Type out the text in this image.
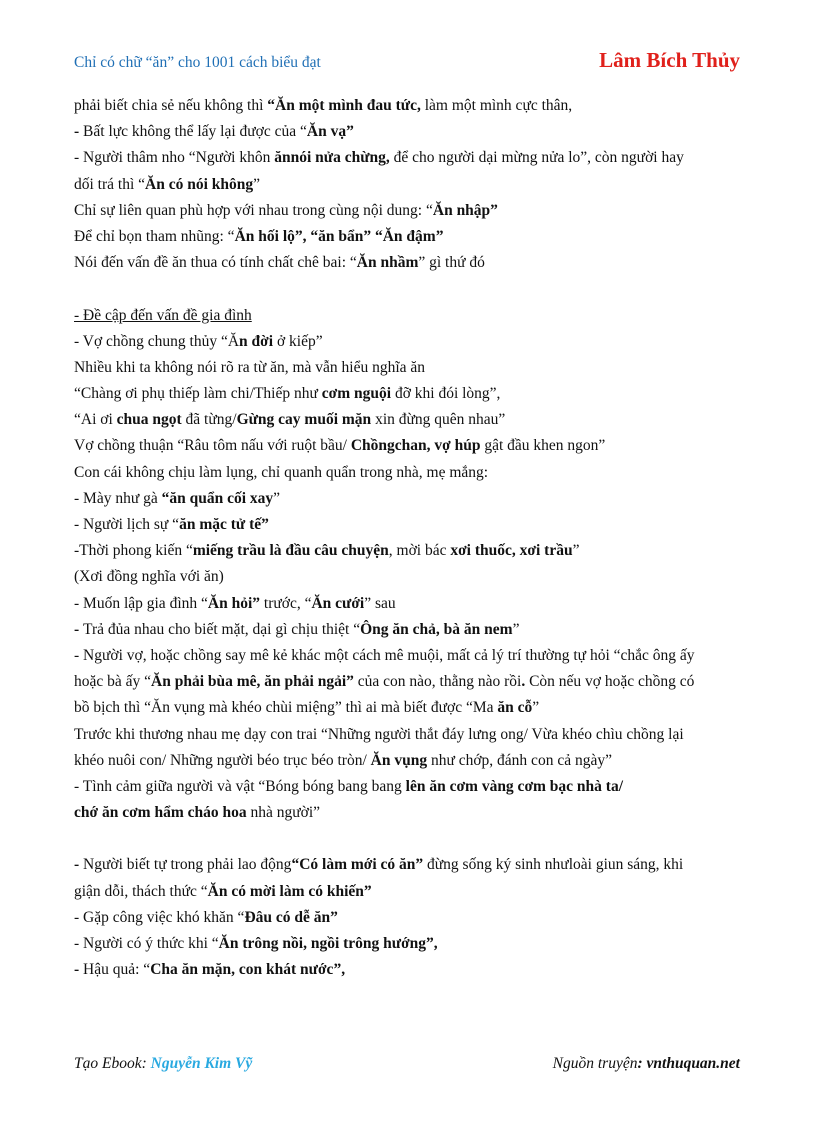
Chỉ có chữ “ăn” cho 1001 cách biểu đạt	Lâm Bích Thủy
phải biết chia sẻ nếu không thì “Ăn một mình đau tức, làm một mình cực thân,
- Bất lực không thể lấy lại được của “Ăn vạ”
- Người thâm nho “Người khôn ănnói nửa chừng, để cho người dại mừng nửa lo”, còn người hay
dối trá thì “Ăn có nói không”
Chỉ sự liên quan phù hợp với nhau trong cùng nội dung: “Ăn nhập”
Để chỉ bọn tham nhũng: “Ăn hối lộ”, “ăn bẩn” “Ăn đậm”
Nói đến vấn đề ăn thua có tính chất chê bai: “Ăn nhầm” gì thứ đó
- Đề cập đến vấn đề gia đình
- Vợ chồng chung thủy “Ăn đời ở kiếp”
Nhiều khi ta không nói rõ ra từ ăn, mà vẫn hiểu nghĩa ăn
“Chàng ơi phụ thiếp làm chi/Thiếp như cơm nguội đỡ khi đói lòng”,
“Ai ơi chua ngọt đã từng/Gừng cay muối mặn xin đừng quên nhau”
Vợ chồng thuận “Râu tôm nấu với ruột bầu/ Chồngchan, vợ húp gật đầu khen ngon”
Con cái không chịu làm lụng, chỉ quanh quẩn trong nhà, mẹ mắng:
- Mày như gà “ăn quẩn cối xay”
- Người lịch sự “ăn mặc tử tế”
-Thời phong kiến “miếng trầu là đầu câu chuyện, mời bác xơi thuốc, xơi trầu”
(Xơi đồng nghĩa với ăn)
- Muốn lập gia đình “Ăn hỏi” trước, “Ăn cưới” sau
- Trả đủa nhau cho biết mặt, dại gì chịu thiệt “Ông ăn chả, bà ăn nem”
- Người vợ, hoặc chồng say mê kẻ khác một cách mê muội, mất cả lý trí thường tự hỏi “chắc ông ấy
hoặc bà ấy “Ăn phải bùa mê, ăn phải ngải” của con nào, thằng nào rồi. Còn nếu vợ hoặc chồng có
bồ bịch thì “Ăn vụng mà khéo chùi miệng” thì ai mà biết được “Ma ăn cỗ”
Trước khi thương nhau mẹ dạy con trai “Những người thắt đáy lưng ong/ Vừa khéo chìu chồng lại
khéo nuôi con/ Những người béo trục béo tròn/ Ăn vụng như chớp, đánh con cả ngày”
- Tình cảm giữa người và vật “Bóng bóng bang bang lên ăn cơm vàng cơm bạc nhà ta/
chớ ăn cơm hẩm cháo hoa nhà người”
- Người biết tự trong phải lao động“Có làm mới có ăn” đừng sống ký sinh nhưloài giun sáng, khi
giận dỗi, thách thức “Ăn có mời làm có khiến”
- Gặp công việc khó khăn “Đâu có dễ ăn”
- Người có ý thức khi “Ăn trông nồi, ngồi trông hướng”,
- Hậu quả: “Cha ăn mặn, con khát nước”,
Tạo Ebook: Nguyễn Kim Vỹ	Nguồn truyện: vnthuquan.net
